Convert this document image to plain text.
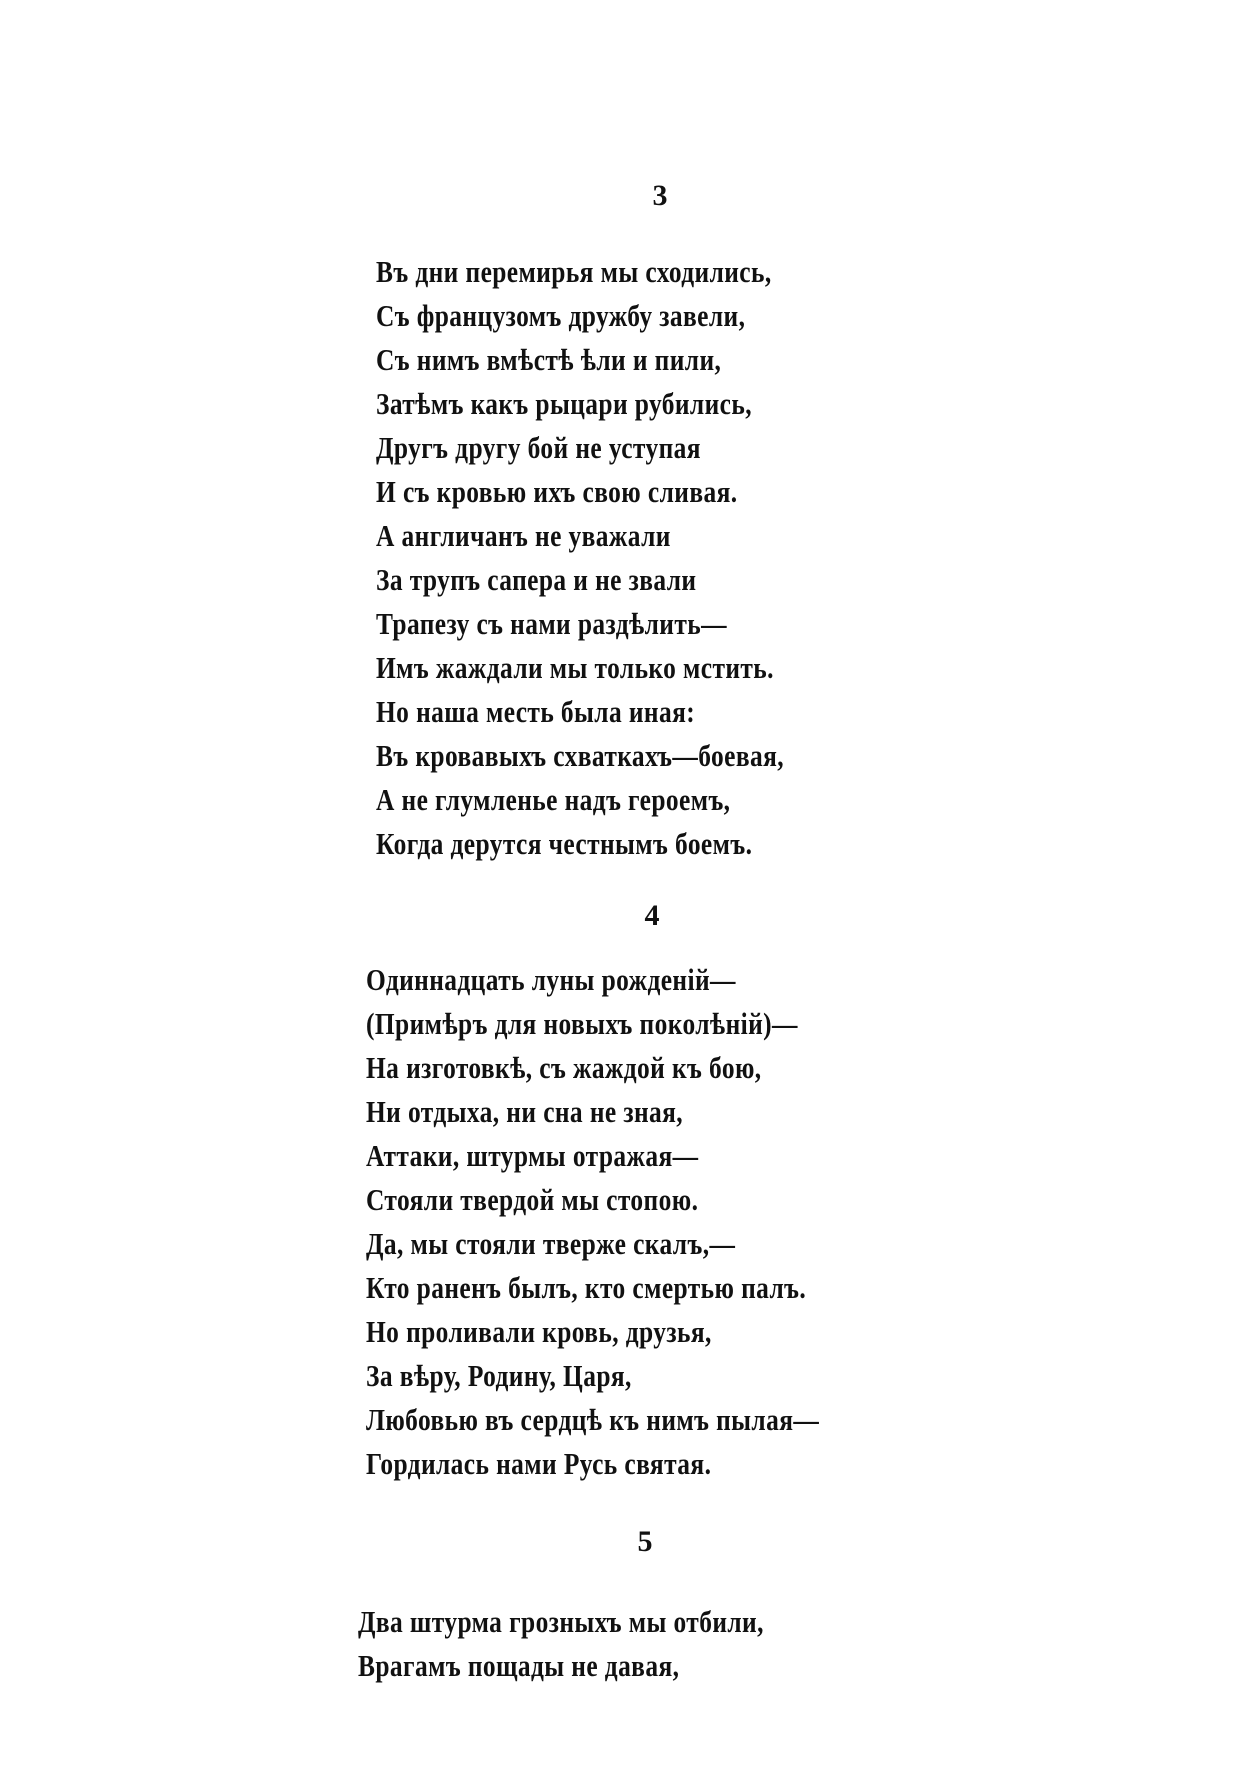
3
Въ дни перемирья мы сходились,
Съ французомъ дружбу завели,
Съ нимъ вмѣстѣ ѣли и пили,
Затѣмъ какъ рыцари рубились,
Другъ другу бой не уступая
И съ кровью ихъ свою сливая.
А англичанъ не уважали
За трупъ сапера и не звали
Трапезу съ нами раздѣлить—
Имъ жаждали мы только мстить.
Но наша месть была иная:
Въ кровавыхъ схваткахъ—боевая,
А не глумленье надъ героемъ,
Когда дерутся честнымъ боемъ.
4
Одиннадцать луны рожденій—
(Примѣръ для новыхъ поколѣній)—
На изготовкѣ, съ жаждой къ бою,
Ни отдыха, ни сна не зная,
Аттаки, штурмы отражая—
Стояли твердой мы стопою.
Да, мы стояли тверже скалъ,—
Кто раненъ былъ, кто смертью палъ.
Но проливали кровь, друзья,
За вѣру, Родину, Царя,
Любовью въ сердцѣ къ нимъ пылая—
Гордилась нами Русь святая.
5
Два штурма грозныхъ мы отбили,
Врагамъ пощады не давая,
